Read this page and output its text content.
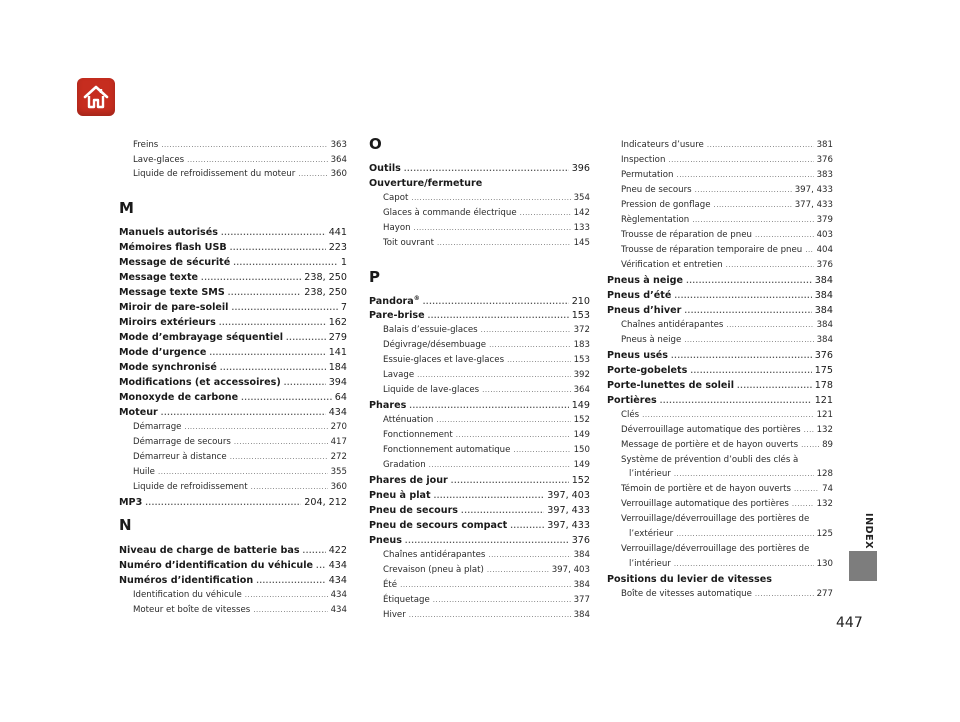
Freins .....	363
Lave-glaces .....	364
Liquide de refroidissement du moteur .....	360
M
Manuels autorisés .....	441
Mémoires flash USB .....	223
Message de sécurité .....	1
Message texte .....	238, 250
Message texte SMS .....	238, 250
Miroir de pare-soleil .....	7
Miroirs extérieurs .....	162
Mode d’embrayage séquentiel .....	279
Mode d’urgence .....	141
Mode synchronisé .....	184
Modifications (et accessoires) .....	394
Monoxyde de carbone .....	64
Moteur .....	434
Démarrage .....	270
Démarrage de secours .....	417
Démarreur à distance .....	272
Huile .....	355
Liquide de refroidissement .....	360
MP3 .....	204, 212
N
Niveau de charge de batterie bas .....	422
Numéro d’identification du véhicule ..... 434
Numéros d’identification .....	434
Identification du véhicule .....	434
Moteur et boîte de vitesses .....	434
O
Outils .....	396
Ouverture/fermeture
Capot .....	354
Glaces à commande électrique .....	142
Hayon .....	133
Toit ouvrant .....	145
P
Pandora® .....	210
Pare-brise .....	153
Balais d’essuie-glaces .....	372
Dégivrage/désembuage .....	183
Essuie-glaces et lave-glaces .....	153
Lavage .....	392
Liquide de lave-glaces .....	364
Phares .....	149
Atténuation .....	152
Fonctionnement .....	149
Fonctionnement automatique .....	150
Gradation .....	149
Phares de jour .....	152
Pneu à plat .....	397, 403
Pneu de secours .....	397, 433
Pneu de secours compact .....	397, 433
Pneus .....	376
Chaînes antidérapantes .....	384
Crevaison (pneu à plat) .....	397, 403
Été .....	384
Étiquetage .....	377
Hiver .....	384
Indicateurs d’usure .....	381
Inspection .....	376
Permutation .....	383
Pneu de secours .....	397, 433
Pression de gonflage .....	377, 433
Règlementation .....	379
Trousse de réparation de pneu .....	403
Trousse de réparation temporaire de pneu ..... 404
Vérification et entretien .....	376
Pneus à neige .....	384
Pneus d’été .....	384
Pneus d’hiver .....	384
Chaînes antidérapantes .....	384
Pneus à neige .....	384
Pneus usés .....	376
Porte-gobelets .....	175
Porte-lunettes de soleil .....	178
Portières .....	121
Clés .....	121
Déverrouillage automatique des portières ..... 132
Message de portière et de hayon ouverts .....	89
Système de prévention d’oubli des clés à
l’intérieur .....	128
Témoin de portière et de hayon ouverts .....	74
Verrouillage automatique des portières .....	132
Verrouillage/déverrouillage des portières de
l’extérieur .....	125
Verrouillage/déverrouillage des portières de
l’intérieur .....	130
Positions du levier de vitesses
Boîte de vitesses automatique .....	277
INDEX
447
